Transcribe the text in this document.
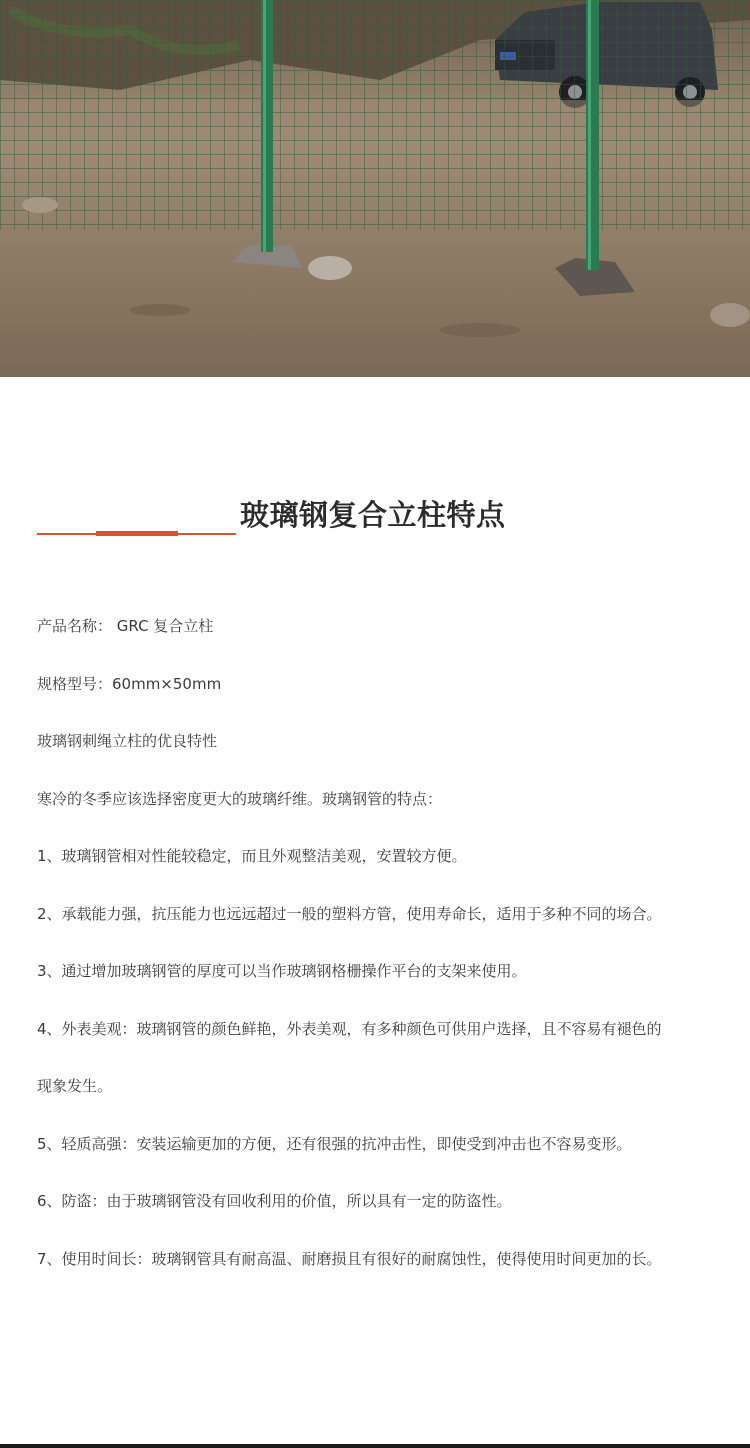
玻璃钢复合立柱特点

产品名称： GRC 复合立柱

规格型号：60mm×50mm

玻璃钢刺绳立柱的优良特性

寒冷的冬季应该选择密度更大的玻璃纤维。玻璃钢管的特点：

1、玻璃钢管相对性能较稳定，而且外观整洁美观，安置较方便。

2、承载能力强，抗压能力也远远超过一般的塑料方管，使用寿命长，适用于多种不同的场合。

3、通过增加玻璃钢管的厚度可以当作玻璃钢格栅操作平台的支架来使用。

4、外表美观：玻璃钢管的颜色鲜艳，外表美观，有多种颜色可供用户选择，且不容易有褪色的

现象发生。

5、轻质高强：安装运输更加的方便，还有很强的抗冲击性，即使受到冲击也不容易变形。

6、防盗：由于玻璃钢管没有回收利用的价值，所以具有一定的防盗性。

7、使用时间长：玻璃钢管具有耐高温、耐磨损且有很好的耐腐蚀性，使得使用时间更加的长。
